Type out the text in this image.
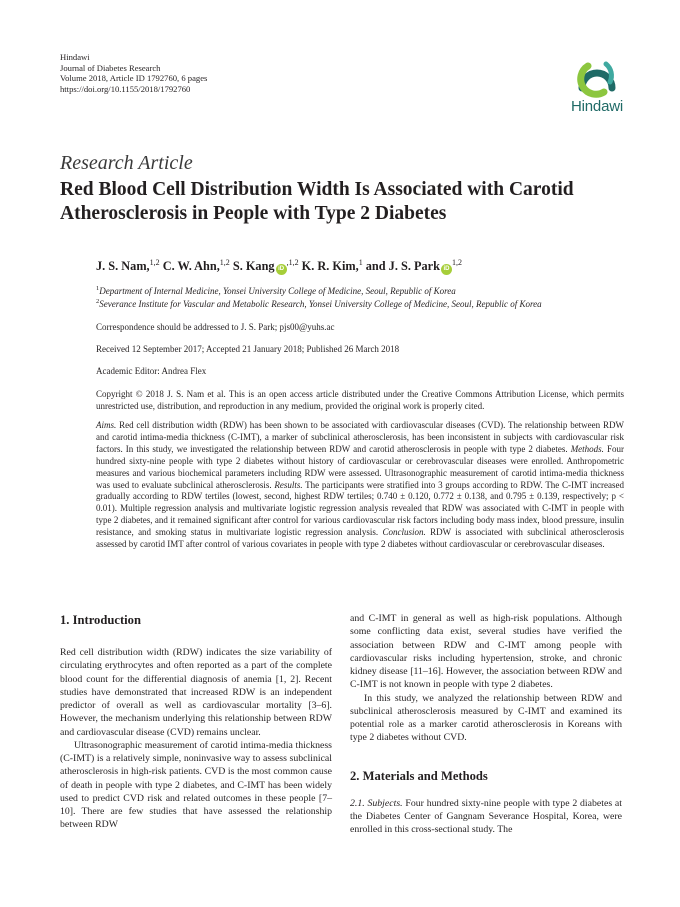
Hindawi
Journal of Diabetes Research
Volume 2018, Article ID 1792760, 6 pages
https://doi.org/10.1155/2018/1792760
Hindawi
Research Article
Red Blood Cell Distribution Width Is Associated with Carotid Atherosclerosis in People with Type 2 Diabetes
J. S. Nam,$^{1,2}$ C. W. Ahn,$^{1,2}$ S. Kang $iD^{,1,2}$ K. R. Kim,$^1$ and J. S. Park iD$^{1,2}$
$^1$Department of Internal Medicine, Yonsei University College of Medicine, Seoul, Republic of Korea
$^2$Severance Institute for Vascular and Metabolic Research, Yonsei University College of Medicine, Seoul, Republic of Korea
Correspondence should be addressed to J. S. Park; pjs00@yuhs.ac
Received 12 September 2017; Accepted 21 January 2018; Published 26 March 2018
Academic Editor: Andrea Flex
Copyright © 2018 J. S. Nam et al. This is an open access article distributed under the Creative Commons Attribution License, which permits unrestricted use, distribution, and reproduction in any medium, provided the original work is properly cited.
Aims. Red cell distribution width (RDW) has been shown to be associated with cardiovascular diseases (CVD). The relationship between RDW and carotid intima-media thickness (C-IMT), a marker of subclinical atherosclerosis, has been inconsistent in subjects with cardiovascular risk factors. In this study, we investigated the relationship between RDW and carotid atherosclerosis in people with type 2 diabetes. Methods. Four hundred sixty-nine people with type 2 diabetes without history of cardiovascular or cerebrovascular diseases were enrolled. Anthropometric measures and various biochemical parameters including RDW were assessed. Ultrasonographic measurement of carotid intima-media thickness was used to evaluate subclinical atherosclerosis. Results. The participants were stratified into 3 groups according to RDW. The C-IMT increased gradually according to RDW tertiles (lowest, second, highest RDW tertiles; 0.740 ± 0.120, 0.772 ± 0.138, and 0.795 ± 0.139, respectively; p < 0.01). Multiple regression analysis and multivariate logistic regression analysis revealed that RDW was associated with C-IMT in people with type 2 diabetes, and it remained significant after control for various cardiovascular risk factors including body mass index, blood pressure, insulin resistance, and smoking status in multivariate logistic regression analysis. Conclusion. RDW is associated with subclinical atherosclerosis assessed by carotid IMT after control of various covariates in people with type 2 diabetes without cardiovascular or cerebrovascular diseases.
1. Introduction

Red cell distribution width (RDW) indicates the size variability of circulating erythrocytes and often reported as a part of the complete blood count for the differential diagnosis of anemia [1, 2]. Recent studies have demonstrated that increased RDW is an independent predictor of overall as well as cardiovascular mortality [3–6]. However, the mechanism underlying this relationship between RDW and cardiovascular disease (CVD) remains unclear.

Ultrasonographic measurement of carotid intima-media thickness (C-IMT) is a relatively simple, noninvasive way to assess subclinical atherosclerosis in high-risk patients. CVD is the most common cause of death in people with type 2 diabetes, and C-IMT has been widely used to predict CVD risk and related outcomes in these people [7–10]. There are few studies that have assessed the relationship between RDW

and C-IMT in general as well as high-risk populations. Although some conflicting data exist, several studies have verified the association between RDW and C-IMT among people with cardiovascular risks including hypertension, stroke, and chronic kidney disease [11–16]. However, the association between RDW and C-IMT is not known in people with type 2 diabetes.

In this study, we analyzed the relationship between RDW and subclinical atherosclerosis measured by C-IMT and examined its potential role as a marker carotid atherosclerosis in Koreans with type 2 diabetes without CVD.

2. Materials and Methods

2.1. Subjects. Four hundred sixty-nine people with type 2 diabetes at the Diabetes Center of Gangnam Severance Hospital, Korea, were enrolled in this cross-sectional study. The
